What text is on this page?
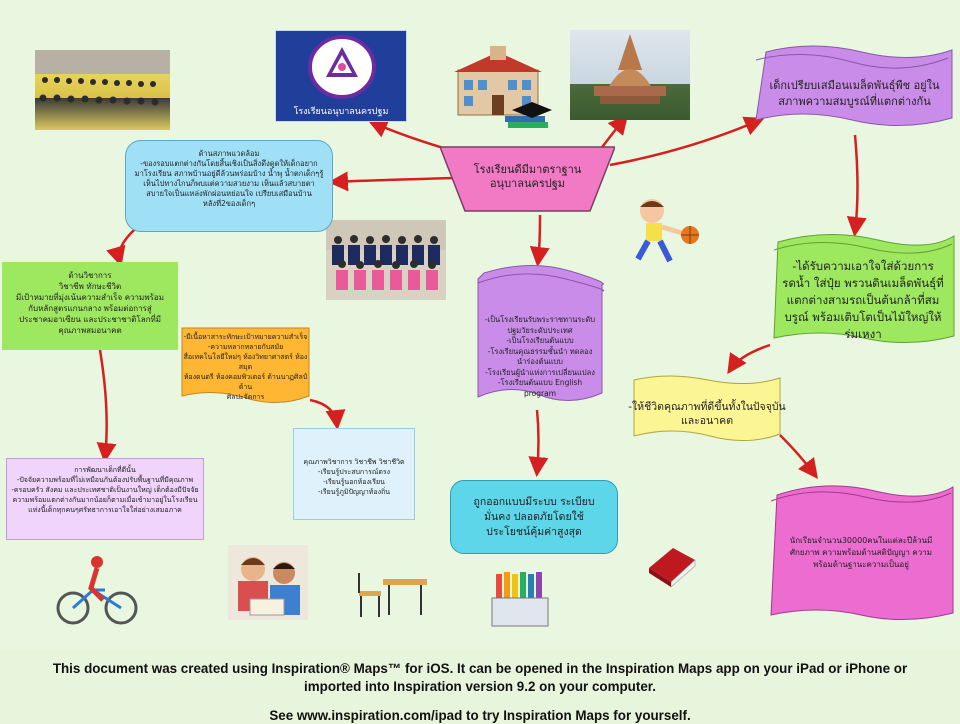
โรงเรียนอนุบาลนครปฐม
โรงเรียนดีมีมาตราฐาน
อนุบาลนครปฐม
เด็กเปรียบเสมือนเมล็ดพันธุ์พืช อยู่ใน
สภาพความสมบูรณ์ที่แตกต่างกัน
ด้านสภาพแวดล้อม
-ของรอบแตกต่างกันโดยสิ้นเชิงเป็นสิ่งดึงดูดให้เด็กอยาก
มาโรงเรียน สภาพบ้านอยู่ดีล้วนพร่อมบ้าง น้ำพุ น้ำตกเด็กๆรู้
เห็นไปทางไกนก็พบแต่ความสวยงาม เห็นแล้วสบายตา
สบายใจเป็นแหล่งพักผ่อนหย่อนใจ เปรียบเสมือนบ้าน
หลังที่2ของเด็กๆ
ด้านวิชาการ
วิชาชีพ ทักษะชีวิต
มีเป้าหมายที่มุ่งเน้นความสำเร็จ ความพร้อม
กับหลักสูตรแกนกลาง พร้อมต่อการสู่
ประชาคมอาเซียน และประชาชาติโลกที่มี
คุณภาพสมอนาคต
-มีเนื้อหาสาระทักษะเป้าหมายความสำเร็จ
-ความหลากหลายกับสมัย
สื่อเทคโนโลยีใหม่ๆ ห้องวิทยาศาสตร์ ห้องสมุด
ห้องดนตรี ห้องคอมพิวเตอร์ ด้านนาฏศิลป์ ด้าน
ศิลปะจัดการ
-เป็นโรงเรียนรับพระราชทานระดับ
ปฐมวัยระดับประเทศ
-เป็นโรงเรียนต้นแบบ
-โรงเรียนคุณธรรมชั้นนำ ทดลอง
นำร่องต้นแบบ
-โรงเรียนผู้นำแห่งการเปลี่ยนแปลง
-โรงเรียนต้นแบบ English
program
-ได้รับความเอาใจใส่ด้วยการ
รดน้ำ ใส่ปุ๋ย พรวนดินเมล็ดพันธุ์ที่
แตกต่างสามรถเป็นต้นกล้าที่สม
บรูณ์ พร้อมเติบโตเป็นไม้ใหญ่ให้
ร่มเหงา
-ให้ชีวิตคุณภาพที่ดีขึ้นทั้งในปัจจุบัน
และอนาคต
การพัฒนาเด็กที่ดีนั้น
-ปัจจัยความพร้อมที่ไม่เหมือนกันต้องปรับพื้นฐานที่มีคุณภาพ
-ครอบครัว สังคม และประเทศชาติเป็นงานใหญ่ เด็กต้องมีปัจจัย
ความพร้อมแตกต่างกันมากน้อยก็ตามเมื่อเข้ามาอยู่ในโรงเรียน
แห่งนี้เด็กทุกคนๆศรัทธาการเอาใจใส่อย่างเสมอภาค
คุณภาพวิชาการ วิชาชีพ วิชาชีวิต
-เรียนรู้ประสบการณ์ตรง
-เรียนรู้นอกห้องเรียน
-เรียนรู้ภูมิปัญญาท้องถิ่น
ถูกออกแบบมีระบบ ระเบียบ
มั่นคง ปลอดภัยโดยใช้
ประโยชน์คุ้มค่าสูงสุด
นักเรียนจำนวน30000คนในแต่ละปีล้วนมี
ศักยภาพ ความพร้อมด้านสติปัญญา ความ
พร้อมด้านฐานะความเป็นอยู่
This document was created using Inspiration® Maps™ for iOS. It can be opened in the Inspiration Maps app on your iPad or iPhone or
imported into Inspiration version 9.2 on your computer.
See www.inspiration.com/ipad to try Inspiration Maps for yourself.
